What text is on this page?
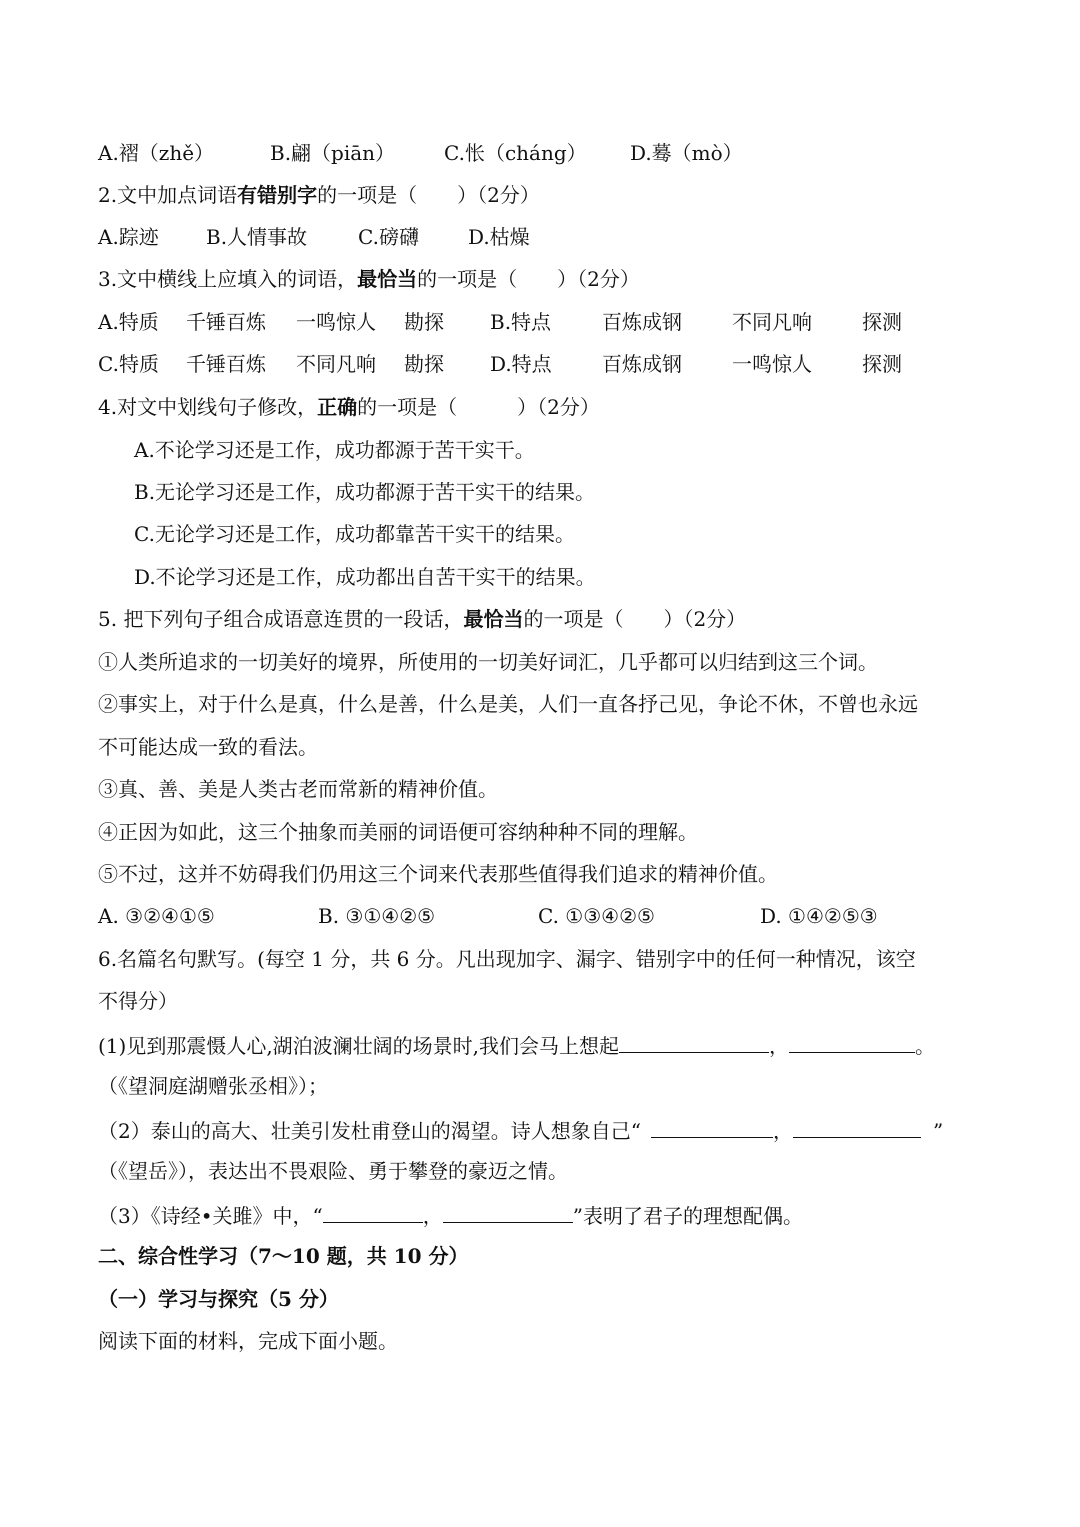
A.褶（zhě）	B.翩（piān） C.怅（cháng） D.蓦（mò）
2.文中加点词语有错别字的一项是（　　）（2分）
A.踪迹 B.人情事故	C.磅礴 D.枯燥
3.文中横线上应填入的词语，最恰当的一项是（　　）（2分）
A.特质 千锤百炼 一鸣惊人 勘探 B.特点	百炼成钢	不同凡响	探测
C.特质 千锤百炼 不同凡响 勘探 D.特点	百炼成钢	一鸣惊人	探测
4.对文中划线句子修改，正确的一项是（　　　）（2分）
A.不论学习还是工作，成功都源于苦干实干。
B.无论学习还是工作，成功都源于苦干实干的结果。
C.无论学习还是工作，成功都靠苦干实干的结果。
D.不论学习还是工作，成功都出自苦干实干的结果。
5. 把下列句子组合成语意连贯的一段话，最恰当的一项是（　　）（2分）
①人类所追求的一切美好的境界，所使用的一切美好词汇，几乎都可以归结到这三个词。
②事实上，对于什么是真，什么是善，什么是美，人们一直各抒己见，争论不休，不曾也永远
不可能达成一致的看法。
③真、善、美是人类古老而常新的精神价值。
④正因为如此，这三个抽象而美丽的词语便可容纳种种不同的理解。
⑤不过，这并不妨碍我们仍用这三个词来代表那些值得我们追求的精神价值。
A. ③②④①⑤	B. ③①④②⑤	C. ①③④②⑤	D. ①④②⑤③
6.名篇名句默写。(每空 1 分，共 6 分。凡出现加字、漏字、错别字中的任何一种情况，该空
不得分）
(1)见到那震慑人心,湖泊波澜壮阔的场景时,我们会马上想起	，	。
（《望洞庭湖赠张丞相》）；
（2）泰山的高大、壮美引发杜甫登山的渴望。诗人想象自己“	，	”
（《望岳》），表达出不畏艰险、勇于攀登的豪迈之情。
（3）《诗经•关雎》中，“	，	”表明了君子的理想配偶。
二、综合性学习（7～10 题，共 10 分）
（一）学习与探究（5 分）
阅读下面的材料，完成下面小题。
